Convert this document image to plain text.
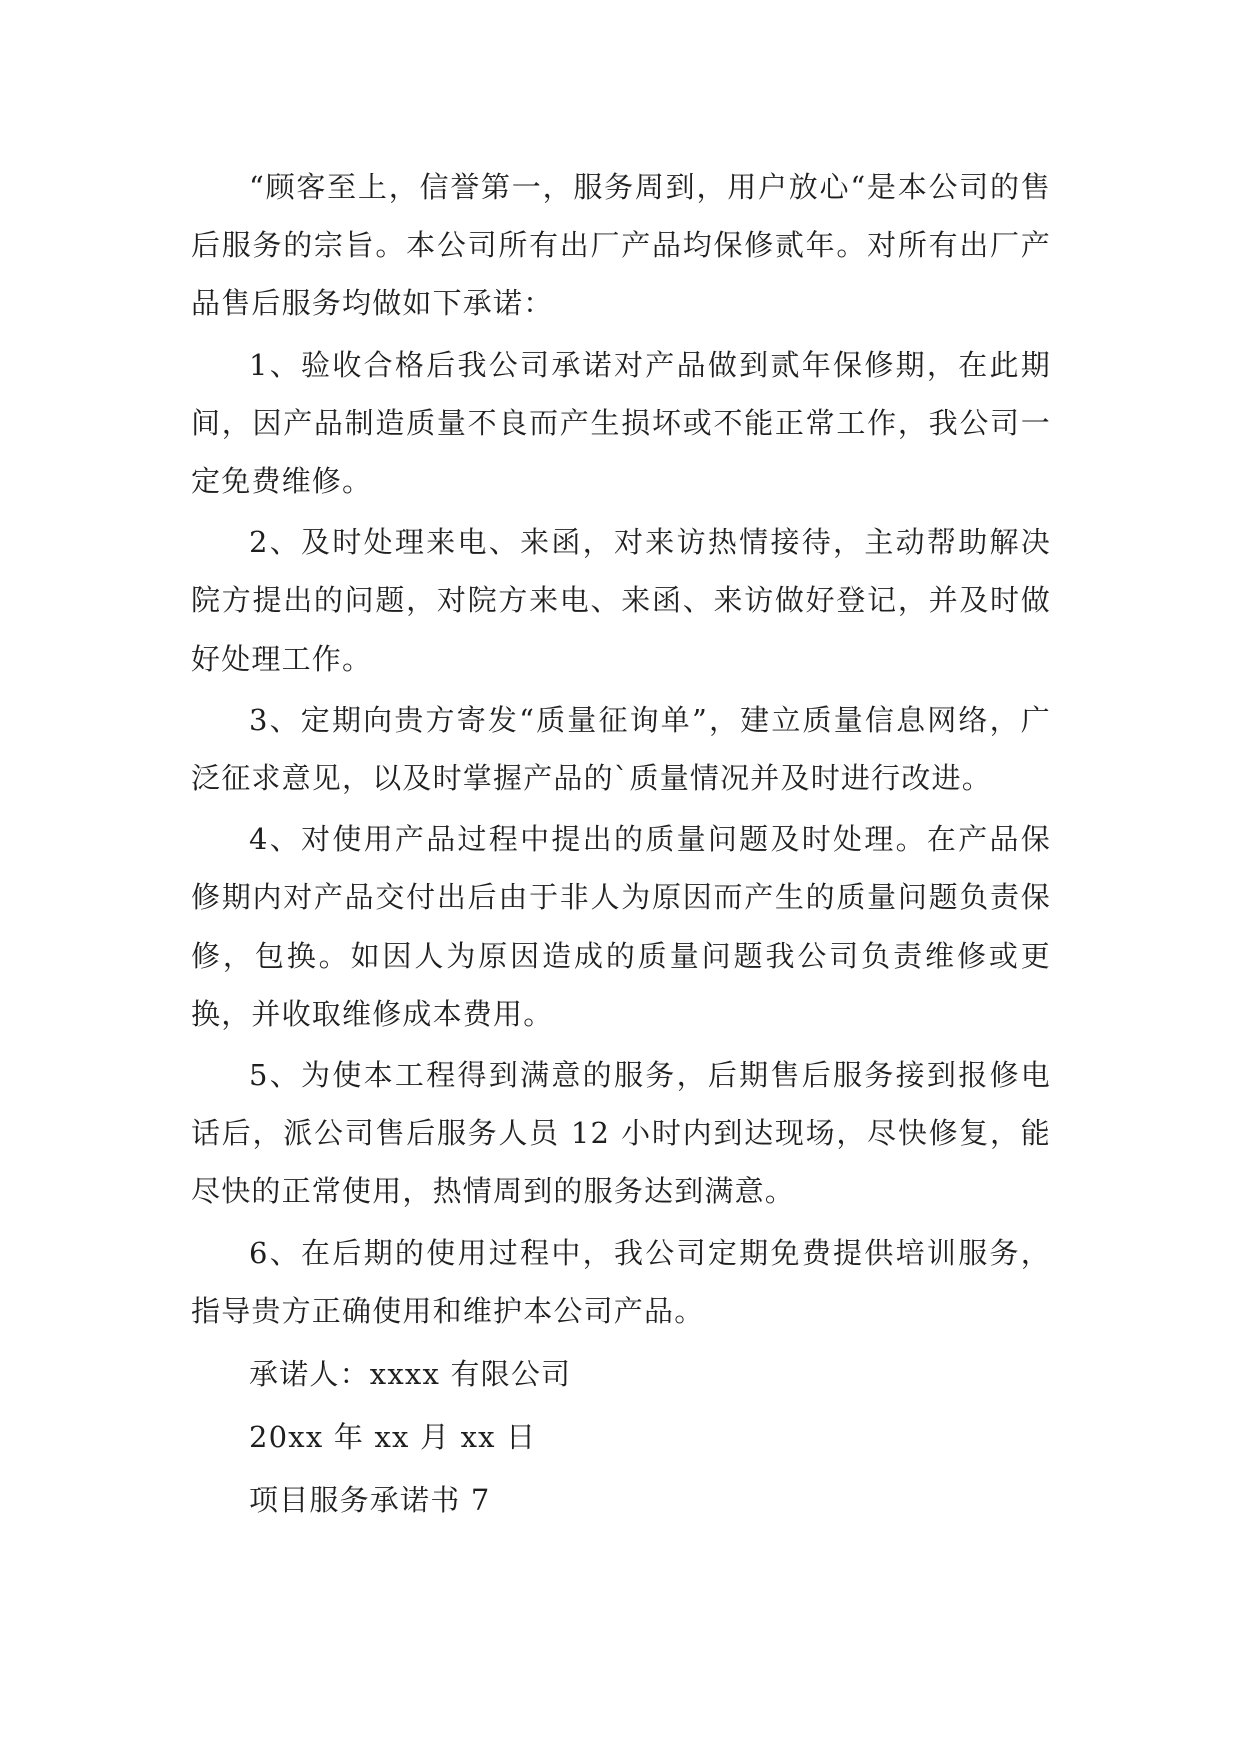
“顾客至上，信誉第一，服务周到，用户放心“是本公司的售后服务的宗旨。本公司所有出厂产品均保修贰年。对所有出厂产品售后服务均做如下承诺：

1、验收合格后我公司承诺对产品做到贰年保修期，在此期间，因产品制造质量不良而产生损坏或不能正常工作，我公司一定免费维修。

2、及时处理来电、来函，对来访热情接待，主动帮助解决院方提出的问题，对院方来电、来函、来访做好登记，并及时做好处理工作。

3、定期向贵方寄发“质量征询单”，建立质量信息网络，广泛征求意见，以及时掌握产品的`质量情况并及时进行改进。

4、对使用产品过程中提出的质量问题及时处理。在产品保修期内对产品交付出后由于非人为原因而产生的质量问题负责保修，包换。如因人为原因造成的质量问题我公司负责维修或更换，并收取维修成本费用。

5、为使本工程得到满意的服务，后期售后服务接到报修电话后，派公司售后服务人员 12 小时内到达现场，尽快修复，能尽快的正常使用，热情周到的服务达到满意。

6、在后期的使用过程中，我公司定期免费提供培训服务，指导贵方正确使用和维护本公司产品。

承诺人：xxxx 有限公司

20xx 年 xx 月 xx 日

项目服务承诺书 7
